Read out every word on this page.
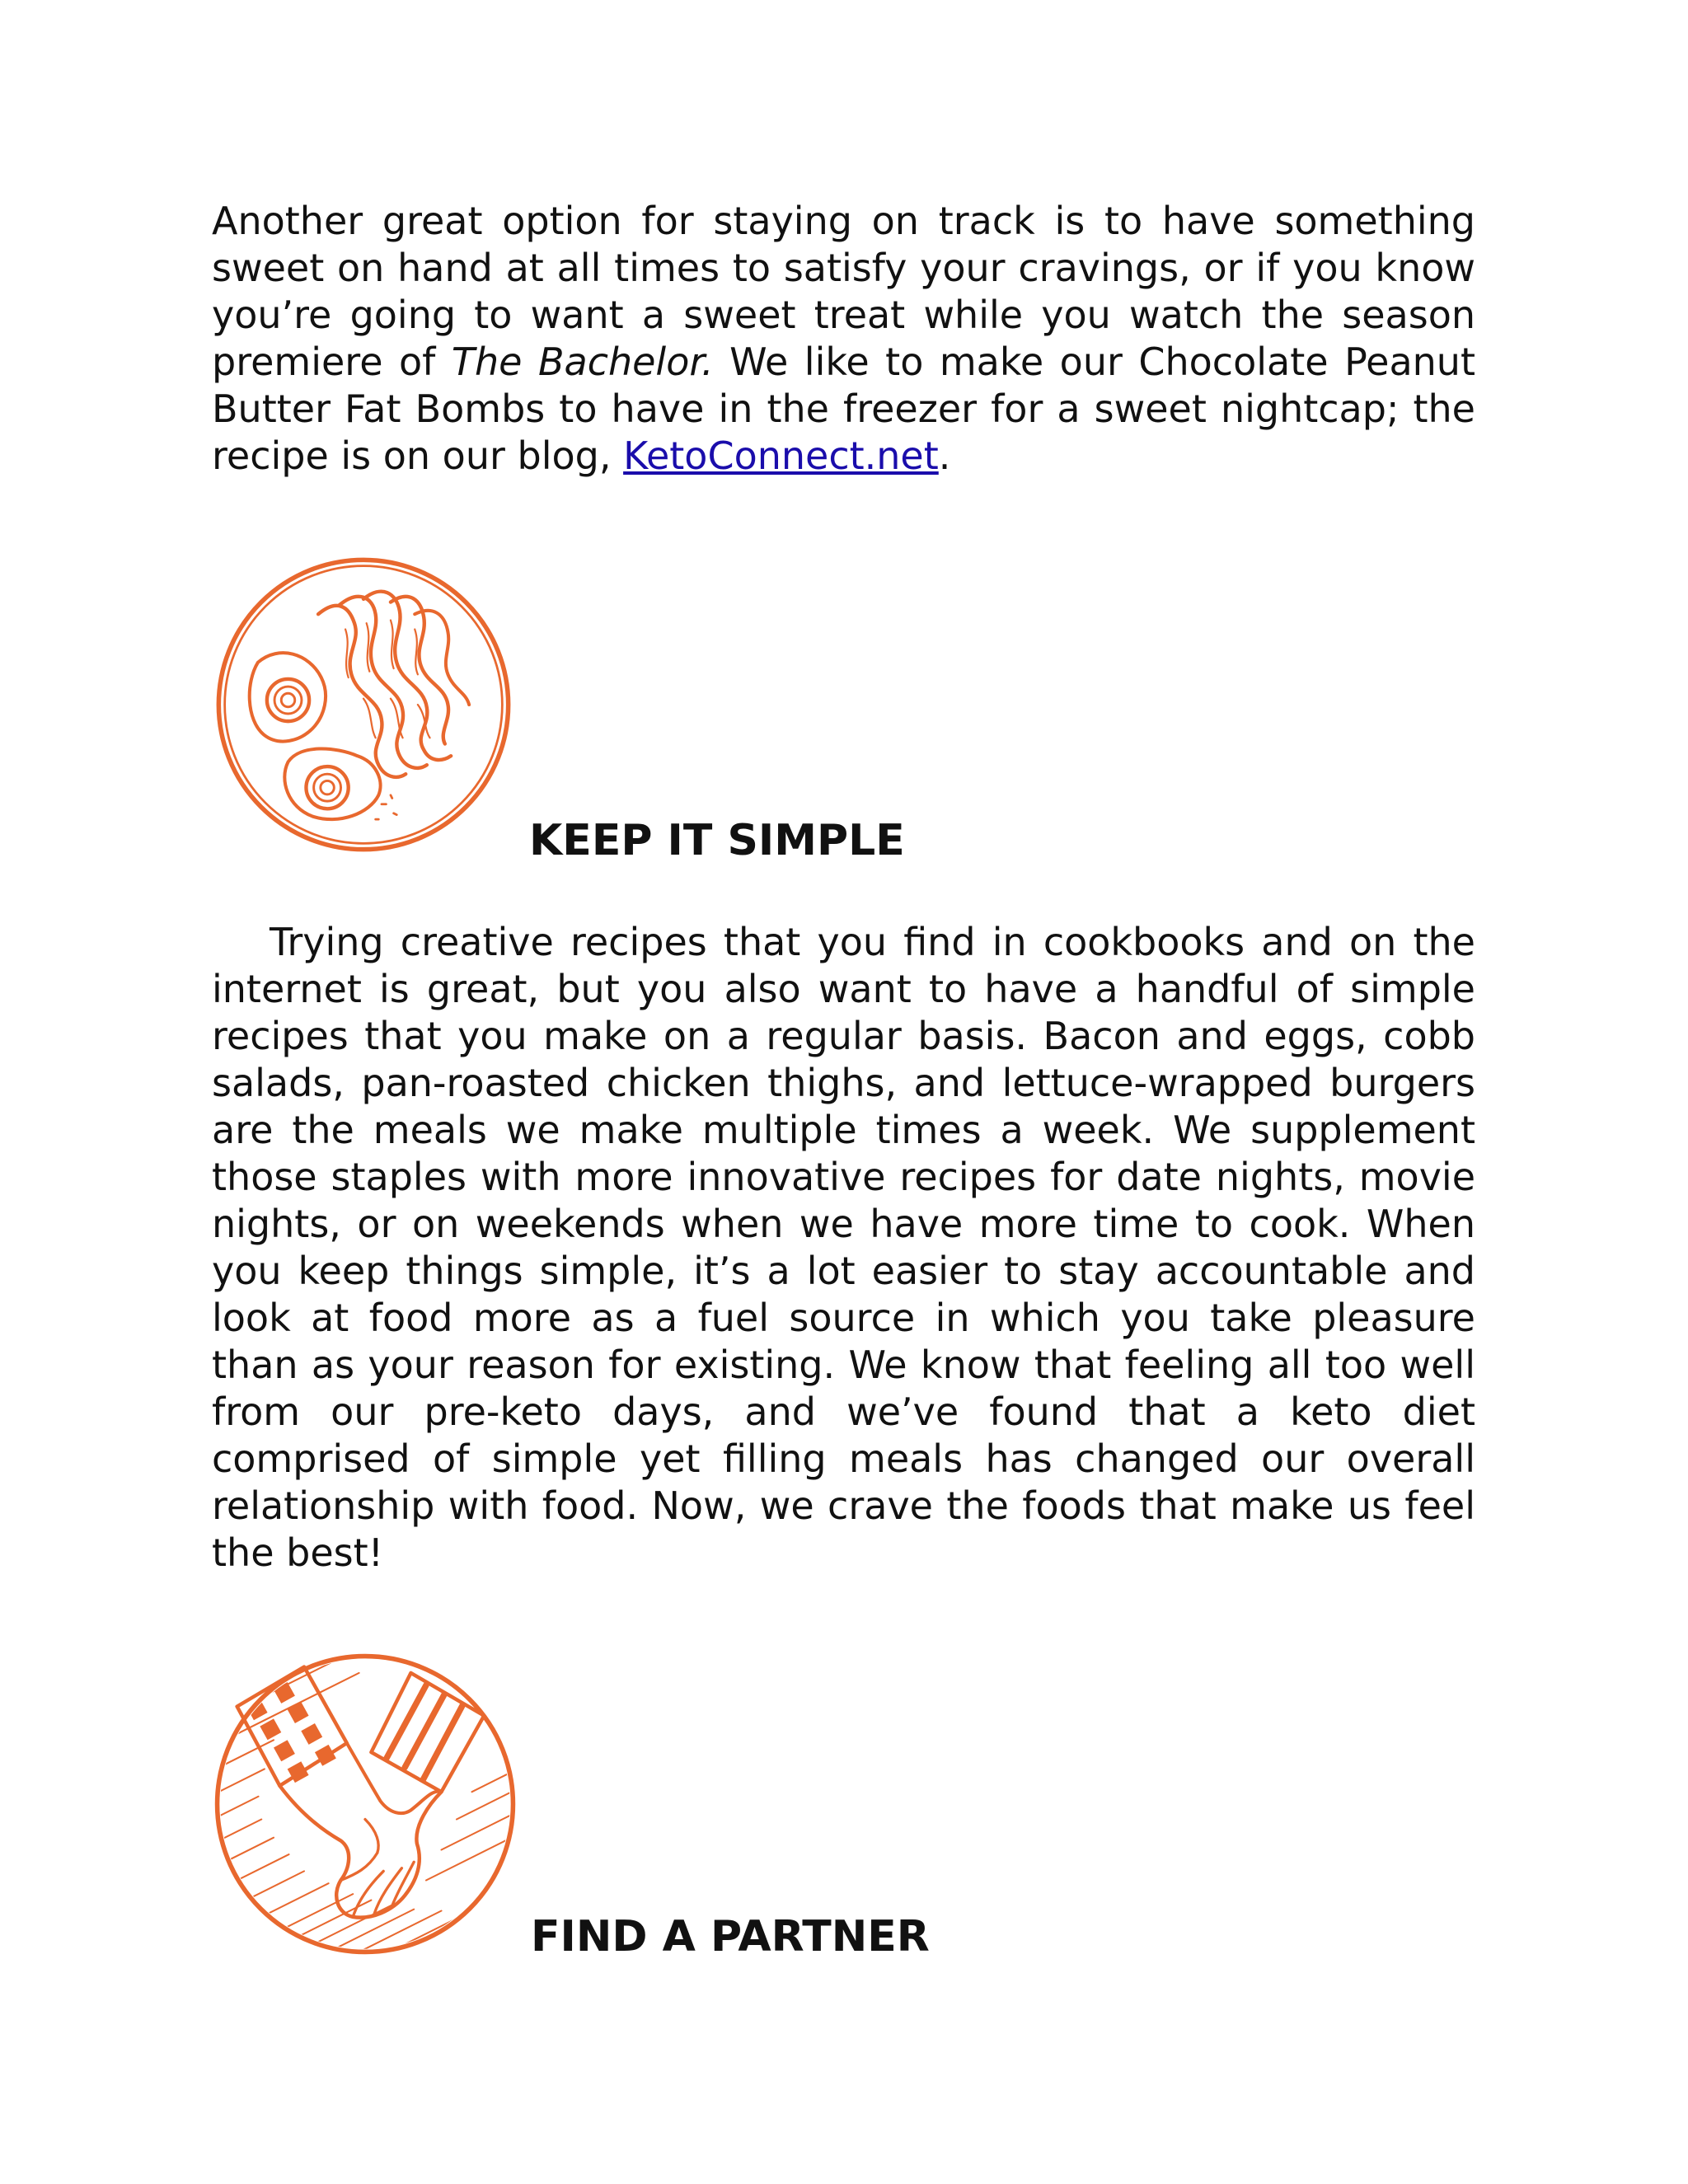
Another great option for staying on track is to have something sweet on hand at all times to satisfy your cravings, or if you know you’re going to want a sweet treat while you watch the season premiere of The Bachelor. We like to make our Chocolate Peanut Butter Fat Bombs to have in the freezer for a sweet nightcap; the recipe is on our blog, KetoConnect.net.

KEEP IT SIMPLE

Trying creative recipes that you find in cookbooks and on the internet is great, but you also want to have a handful of simple recipes that you make on a regular basis. Bacon and eggs, cobb salads, pan-roasted chicken thighs, and lettuce-wrapped burgers are the meals we make multiple times a week. We supplement those staples with more innovative recipes for date nights, movie nights, or on weekends when we have more time to cook. When you keep things simple, it’s a lot easier to stay accountable and look at food more as a fuel source in which you take pleasure than as your reason for existing. We know that feeling all too well from our pre-keto days, and we’ve found that a keto diet comprised of simple yet filling meals has changed our overall relationship with food. Now, we crave the foods that make us feel the best!

FIND A PARTNER
